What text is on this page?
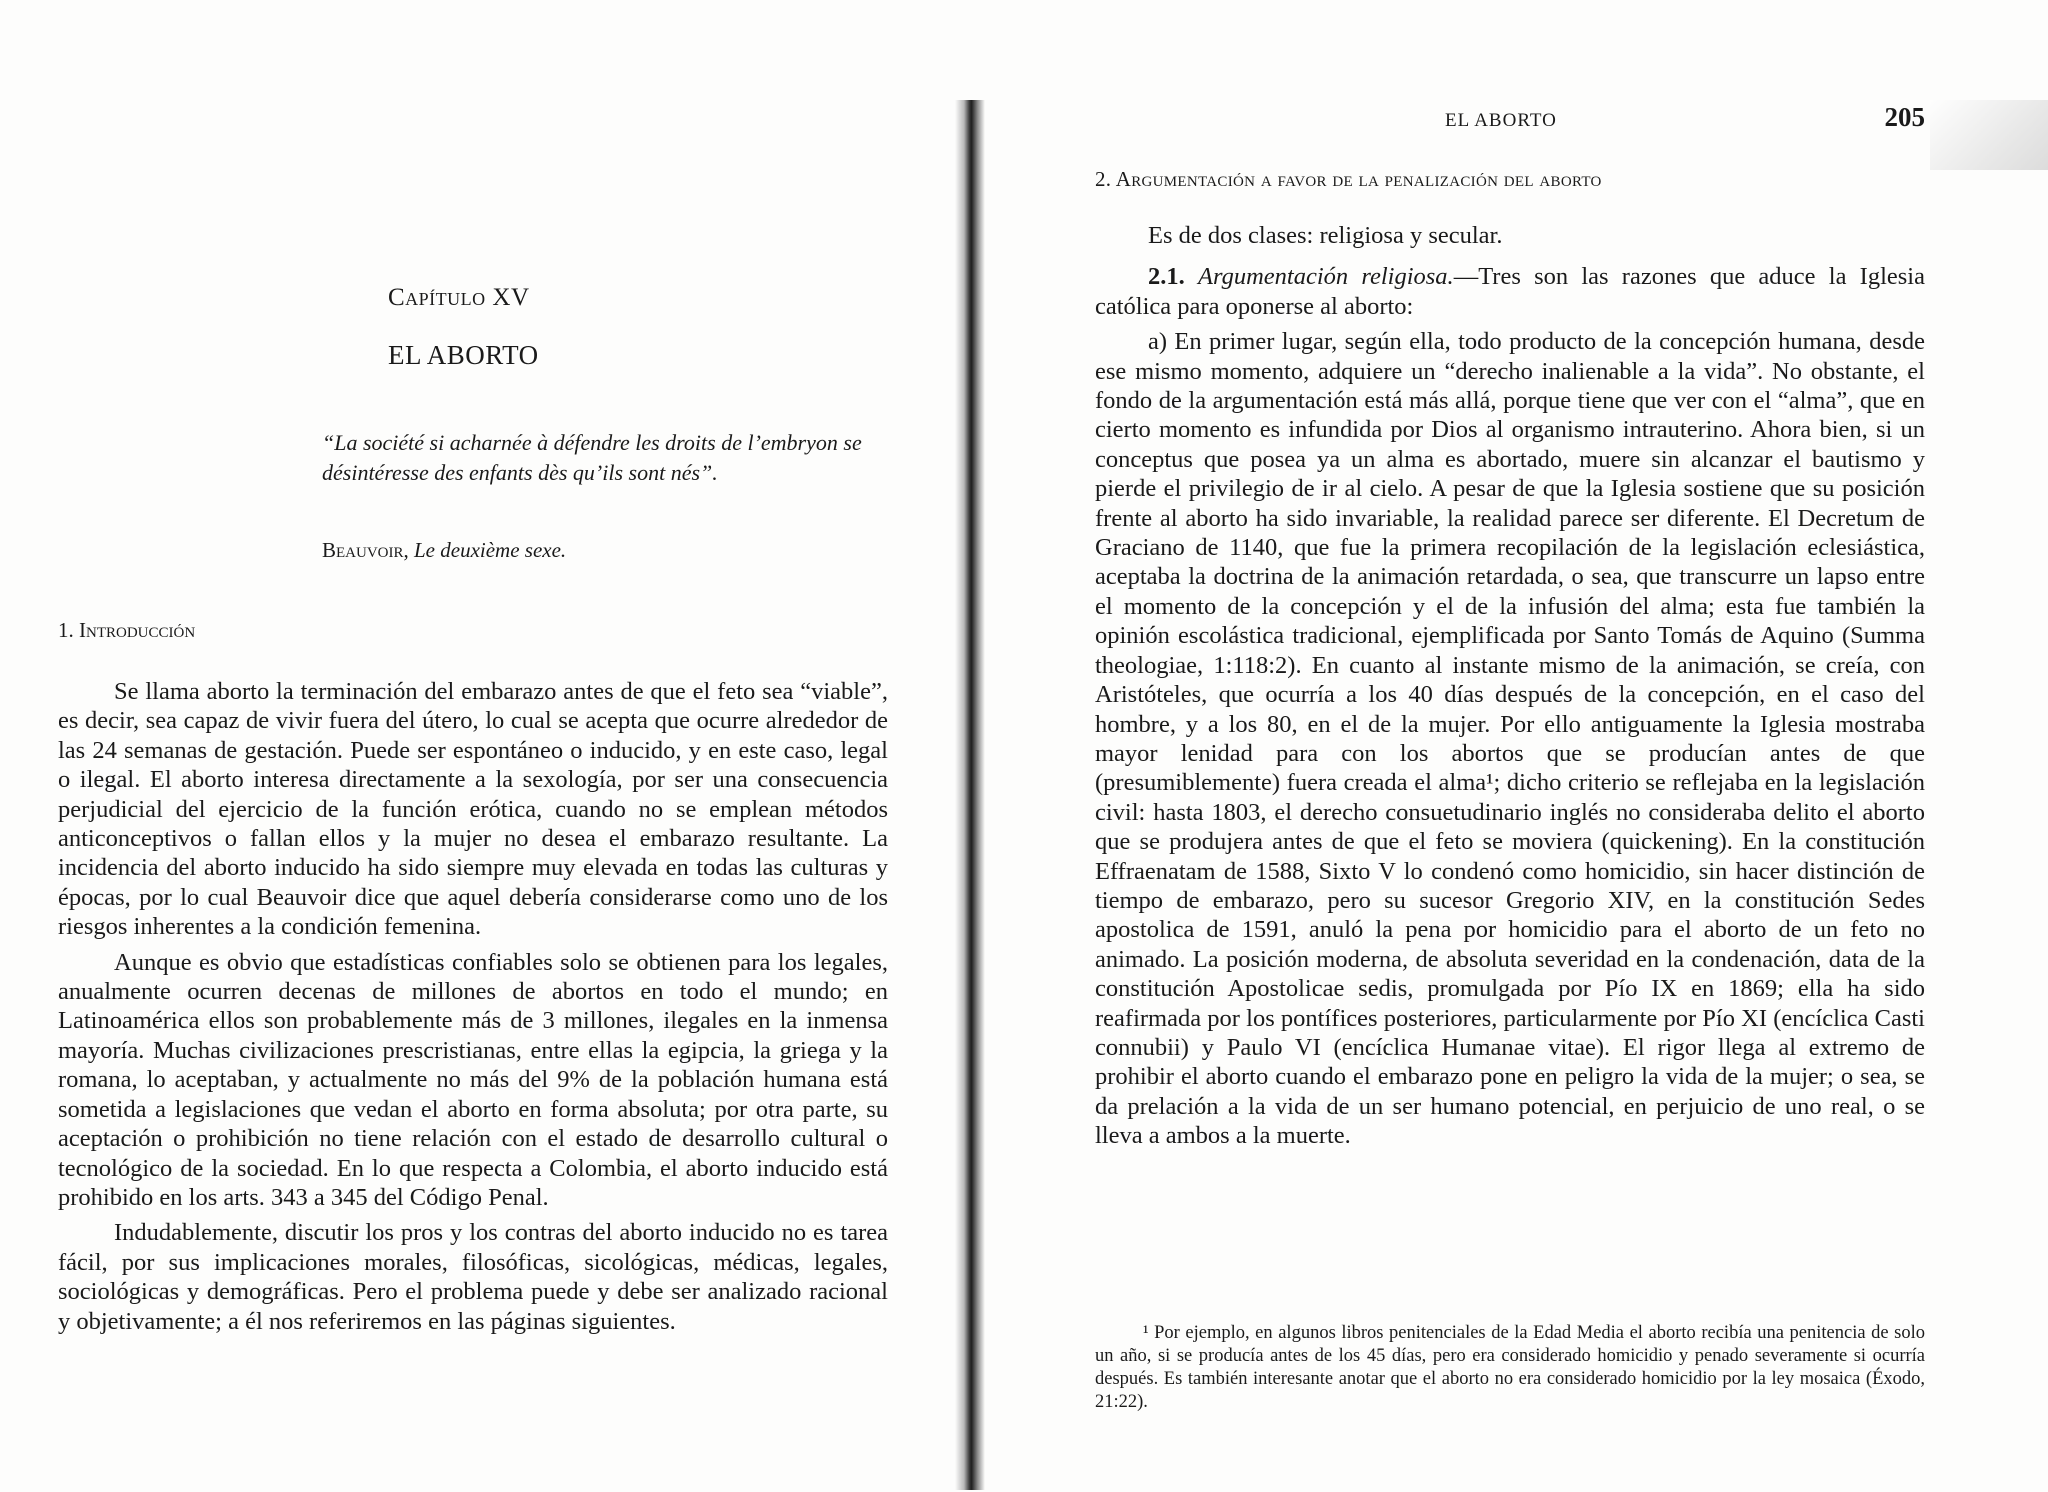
Capítulo XV
EL ABORTO
“La société si acharnée à défendre les droits de l’embryon se désintéresse des enfants dès qu’ils sont nés”.
Beauvoir, Le deuxième sexe.
1. Introducción

Se llama aborto la terminación del embarazo antes de que el feto sea “viable”, es decir, sea capaz de vivir fuera del útero, lo cual se acepta que ocurre alrededor de las 24 semanas de gestación. Puede ser espontáneo o inducido, y en este caso, legal o ilegal. El aborto interesa directamente a la sexología, por ser una consecuencia perjudicial del ejercicio de la función erótica, cuando no se emplean métodos anticonceptivos o fallan ellos y la mujer no desea el embarazo resultante. La incidencia del aborto inducido ha sido siempre muy elevada en todas las culturas y épocas, por lo cual Beauvoir dice que aquel debería considerarse como uno de los riesgos inherentes a la condición femenina.

Aunque es obvio que estadísticas confiables solo se obtienen para los legales, anualmente ocurren decenas de millones de abortos en todo el mundo; en Latinoamérica ellos son probablemente más de 3 millones, ilegales en la inmensa mayoría. Muchas civilizaciones prescristianas, entre ellas la egipcia, la griega y la romana, lo aceptaban, y actualmente no más del 9% de la población humana está sometida a legislaciones que vedan el aborto en forma absoluta; por otra parte, su aceptación o prohibición no tiene relación con el estado de desarrollo cultural o tecnológico de la sociedad. En lo que respecta a Colombia, el aborto inducido está prohibido en los arts. 343 a 345 del Código Penal.

Indudablemente, discutir los pros y los contras del aborto inducido no es tarea fácil, por sus implicaciones morales, filosóficas, sicológicas, médicas, legales, sociológicas y demográficas. Pero el problema puede y debe ser analizado racional y objetivamente; a él nos referiremos en las páginas siguientes.

EL ABORTO	205
2. Argumentación a favor de la penalización del aborto

Es de dos clases: religiosa y secular.

2.1. Argumentación religiosa.—Tres son las razones que aduce la Iglesia católica para oponerse al aborto:

a) En primer lugar, según ella, todo producto de la concepción humana, desde ese mismo momento, adquiere un “derecho inalienable a la vida”. No obstante, el fondo de la argumentación está más allá, porque tiene que ver con el “alma”, que en cierto momento es infundida por Dios al organismo intrauterino. Ahora bien, si un conceptus que posea ya un alma es abortado, muere sin alcanzar el bautismo y pierde el privilegio de ir al cielo. A pesar de que la Iglesia sostiene que su posición frente al aborto ha sido invariable, la realidad parece ser diferente. El Decretum de Graciano de 1140, que fue la primera recopilación de la legislación eclesiástica, aceptaba la doctrina de la animación retardada, o sea, que transcurre un lapso entre el momento de la concepción y el de la infusión del alma; esta fue también la opinión escolástica tradicional, ejemplificada por Santo Tomás de Aquino (Summa theologiae, 1:118:2). En cuanto al instante mismo de la animación, se creía, con Aristóteles, que ocurría a los 40 días después de la concepción, en el caso del hombre, y a los 80, en el de la mujer. Por ello antiguamente la Iglesia mostraba mayor lenidad para con los abortos que se producían antes de que (presumiblemente) fuera creada el alma¹; dicho criterio se reflejaba en la legislación civil: hasta 1803, el derecho consuetudinario inglés no consideraba delito el aborto que se produjera antes de que el feto se moviera (quickening). En la constitución Effraenatam de 1588, Sixto V lo condenó como homicidio, sin hacer distinción de tiempo de embarazo, pero su sucesor Gregorio XIV, en la constitución Sedes apostolica de 1591, anuló la pena por homicidio para el aborto de un feto no animado. La posición moderna, de absoluta severidad en la condenación, data de la constitución Apostolicae sedis, promulgada por Pío IX en 1869; ella ha sido reafirmada por los pontífices posteriores, particularmente por Pío XI (encíclica Casti connubii) y Paulo VI (encíclica Humanae vitae). El rigor llega al extremo de prohibir el aborto cuando el embarazo pone en peligro la vida de la mujer; o sea, se da prelación a la vida de un ser humano potencial, en perjuicio de uno real, o se lleva a ambos a la muerte.

¹ Por ejemplo, en algunos libros penitenciales de la Edad Media el aborto recibía una penitencia de solo un año, si se producía antes de los 45 días, pero era considerado homicidio y penado severamente si ocurría después. Es también interesante anotar que el aborto no era considerado homicidio por la ley mosaica (Éxodo, 21:22).
